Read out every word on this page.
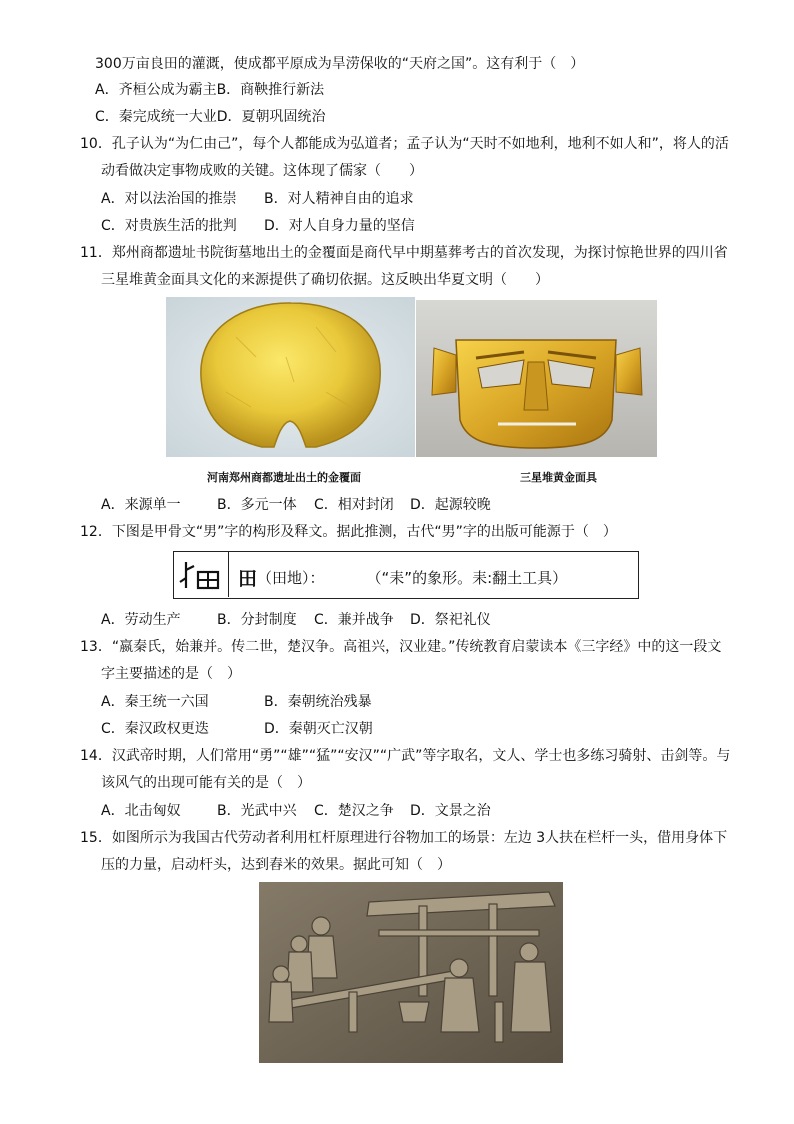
300万亩良田的灌溉，使成都平原成为旱涝保收的“天府之国”。这有利于（　）
A．齐桓公成为霸主B．商鞅推行新法
C．秦完成统一大业D．夏朝巩固统治
10．孔子认为“为仁由己”，每个人都能成为弘道者；孟子认为“天时不如地利，地利不如人和”，将人的活
动看做决定事物成败的关键。这体现了儒家（　　）
A．对以法治国的推崇 B．对人精神自由的追求
C．对贵族生活的批判 D．对人自身力量的坚信
11．郑州商都遗址书院街墓地出土的金覆面是商代早中期墓葬考古的首次发现，为探讨惊艳世界的四川省
三星堆黄金面具文化的来源提供了确切依据。这反映出华夏文明（　　）
河南郑州商都遗址出土的金覆面	三星堆黄金面具
A．来源单一	B．多元一体 C．相对封闭 D．起源较晚
12．下图是甲骨文“男”字的构形及释文。据此推测，古代“男”字的出版可能源于（　）
田（田地）：	（“耒”的象形。耒:翻土工具）
A．劳动生产	B．分封制度 C．兼并战争 D．祭祀礼仪
13．“嬴秦氏，始兼并。传二世，楚汉争。高祖兴，汉业建。”传统教育启蒙读本《三字经》中的这一段文
字主要描述的是（　）
A．秦王统一六国	B．秦朝统治残暴
C．秦汉政权更迭	D．秦朝灭亡汉朝
14．汉武帝时期，人们常用“勇”“雄”“猛”“安汉”“广武”等字取名，文人、学士也多练习骑射、击剑等。与
该风气的出现可能有关的是（　）
A．北击匈奴	B．光武中兴 C．楚汉之争 D．文景之治
15．如图所示为我国古代劳动者利用杠杆原理进行谷物加工的场景：左边 3人扶在栏杆一头，借用身体下
压的力量，启动杆头，达到舂米的效果。据此可知（　）
